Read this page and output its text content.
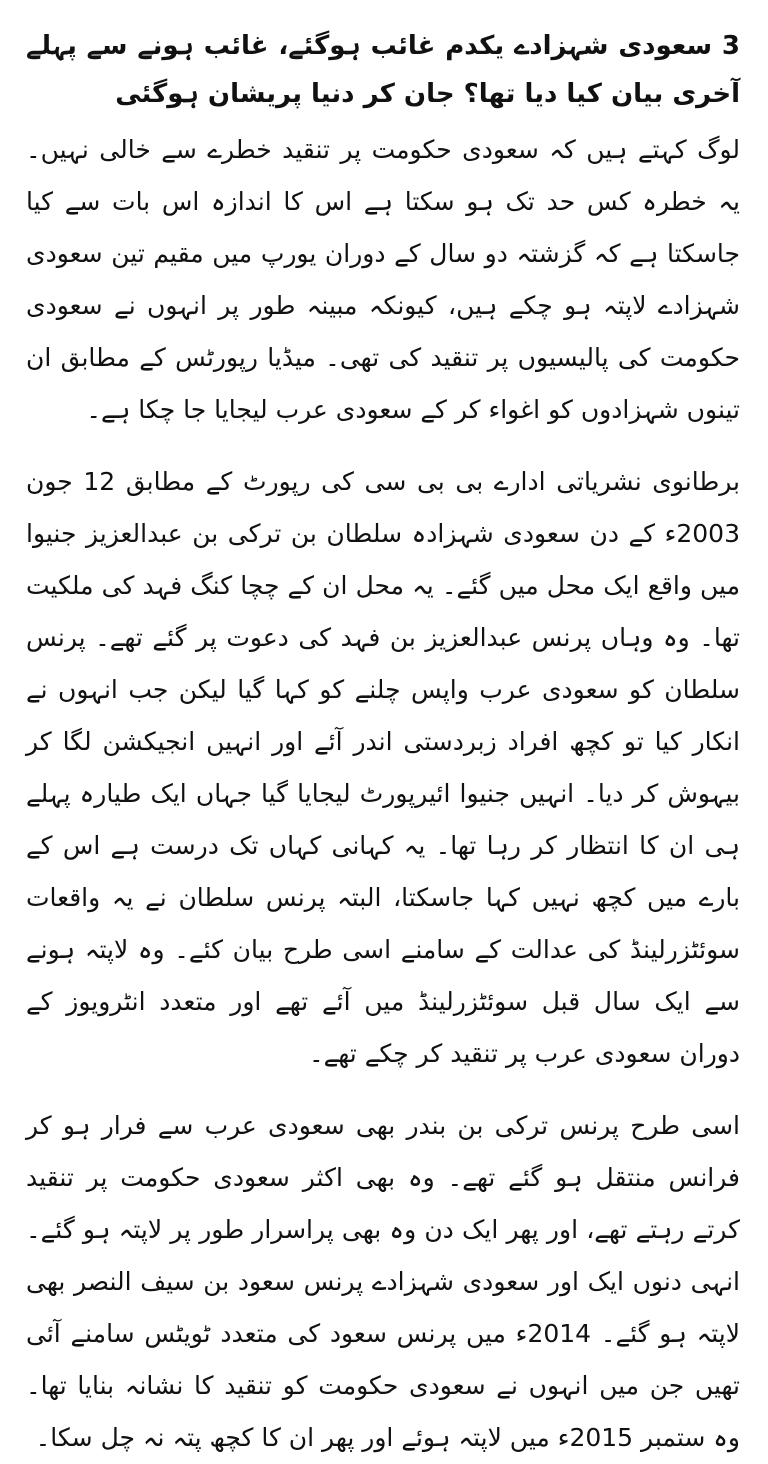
3 سعودی شہزادے یکدم غائب ہوگئے، غائب ہونے سے پہلے آخری بیان کیا دیا تھا؟ جان کر دنیا پریشان ہوگئی

لوگ کہتے ہیں کہ سعودی حکومت پر تنقید خطرے سے خالی نہیں۔ یہ خطرہ کس حد تک ہو سکتا ہے اس کا اندازہ اس بات سے کیا جاسکتا ہے کہ گزشتہ دو سال کے دوران یورپ میں مقیم تین سعودی شہزادے لاپتہ ہو چکے ہیں، کیونکہ مبینہ طور پر انہوں نے سعودی حکومت کی پالیسیوں پر تنقید کی تھی۔ میڈیا رپورٹس کے مطابق ان تینوں شہزادوں کو اغواء کر کے سعودی عرب لیجایا جا چکا ہے۔

برطانوی نشریاتی ادارے بی بی سی کی رپورٹ کے مطابق 12 جون 2003ء کے دن سعودی شہزادہ سلطان بن ترکی بن عبدالعزیز جنیوا میں واقع ایک محل میں گئے۔ یہ محل ان کے چچا کنگ فہد کی ملکیت تھا۔ وہ وہاں پرنس عبدالعزیز بن فہد کی دعوت پر گئے تھے۔ پرنس سلطان کو سعودی عرب واپس چلنے کو کہا گیا لیکن جب انہوں نے انکار کیا تو کچھ افراد زبردستی اندر آئے اور انہیں انجیکشن لگا کر بیہوش کر دیا۔ انہیں جنیوا ائیرپورٹ لیجایا گیا جہاں ایک طیارہ پہلے ہی ان کا انتظار کر رہا تھا۔ یہ کہانی کہاں تک درست ہے اس کے بارے میں کچھ نہیں کہا جاسکتا، البتہ پرنس سلطان نے یہ واقعات سوئٹزرلینڈ کی عدالت کے سامنے اسی طرح بیان کئے۔ وہ لاپتہ ہونے سے ایک سال قبل سوئٹزرلینڈ میں آئے تھے اور متعدد انٹرویوز کے دوران سعودی عرب پر تنقید کر چکے تھے۔

اسی طرح پرنس ترکی بن بندر بھی سعودی عرب سے فرار ہو کر فرانس منتقل ہو گئے تھے۔ وہ بھی اکثر سعودی حکومت پر تنقید کرتے رہتے تھے، اور پھر ایک دن وہ بھی پراسرار طور پر لاپتہ ہو گئے۔ انہی دنوں ایک اور سعودی شہزادے پرنس سعود بن سیف النصر بھی لاپتہ ہو گئے۔ 2014ء میں پرنس سعود کی متعدد ٹویٹس سامنے آئی تھیں جن میں انہوں نے سعودی حکومت کو تنقید کا نشانہ بنایا تھا۔ وہ ستمبر 2015ء میں لاپتہ ہوئے اور پھر ان کا کچھ پتہ نہ چل سکا۔
